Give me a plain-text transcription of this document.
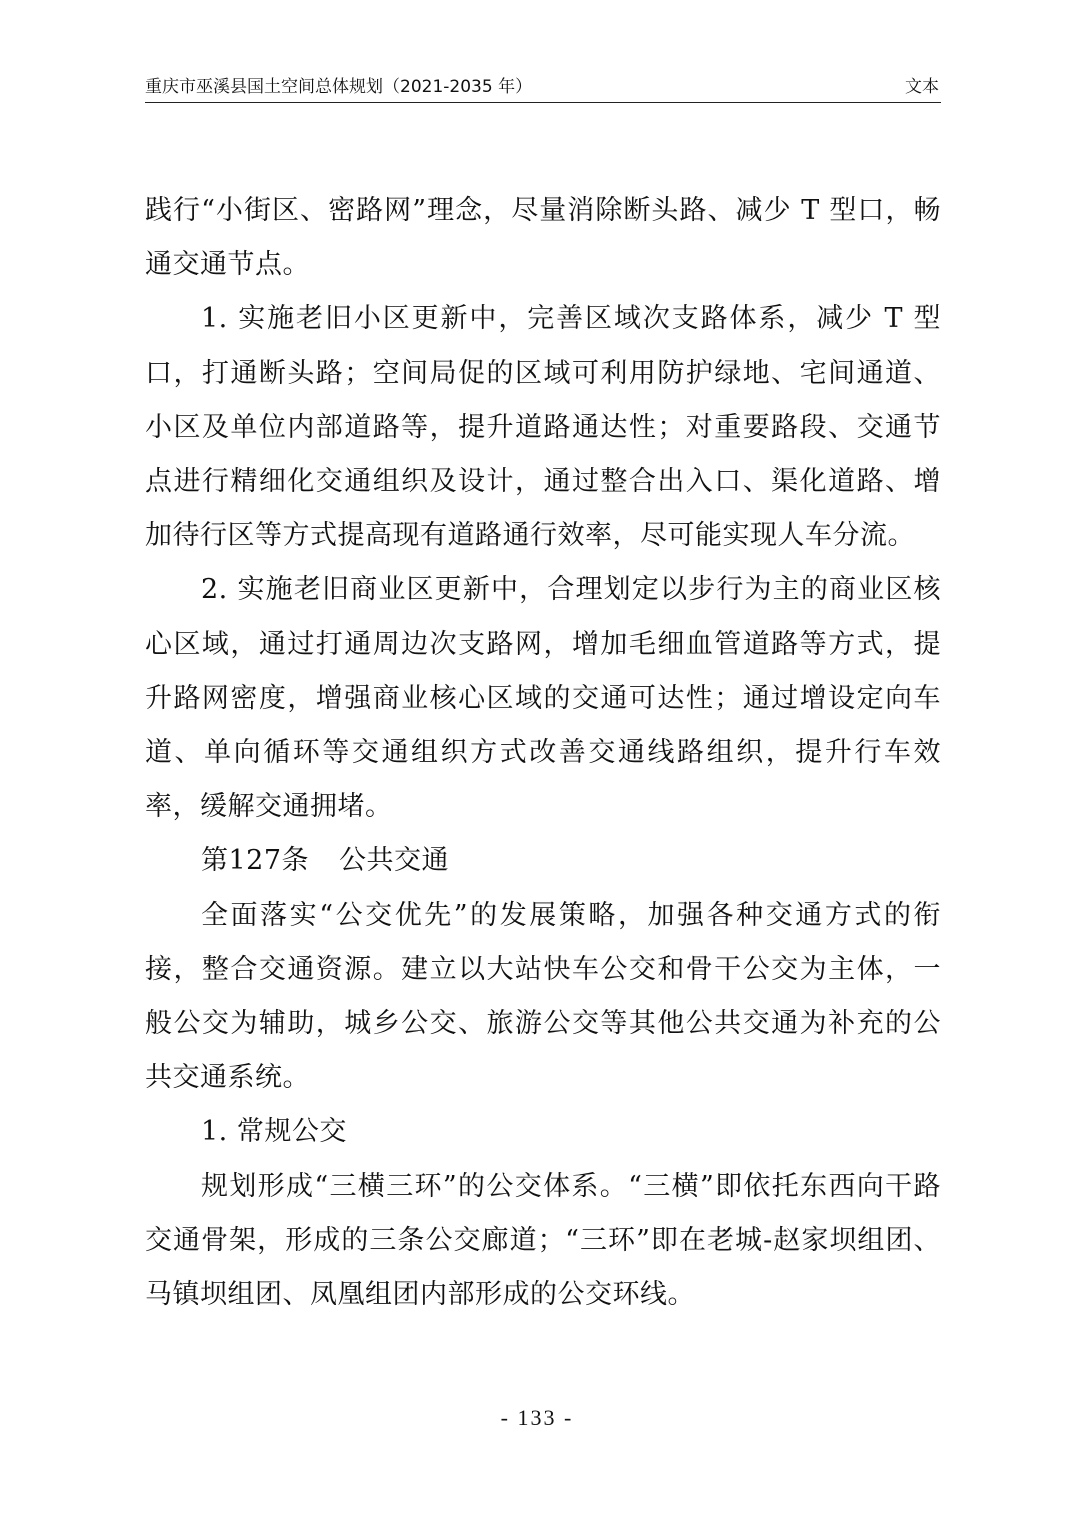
重庆市巫溪县国土空间总体规划（2021-2035 年）	文本

践行“小街区、密路网”理念，尽量消除断头路、减少 T 型口，畅通交通节点。

1. 实施老旧小区更新中，完善区域次支路体系，减少 T 型口，打通断头路；空间局促的区域可利用防护绿地、宅间通道、小区及单位内部道路等，提升道路通达性；对重要路段、交通节点进行精细化交通组织及设计，通过整合出入口、渠化道路、增加待行区等方式提高现有道路通行效率，尽可能实现人车分流。

2. 实施老旧商业区更新中，合理划定以步行为主的商业区核心区域，通过打通周边次支路网，增加毛细血管道路等方式，提升路网密度，增强商业核心区域的交通可达性；通过增设定向车道、单向循环等交通组织方式改善交通线路组织，提升行车效率，缓解交通拥堵。

第127条 公共交通

全面落实“公交优先”的发展策略，加强各种交通方式的衔接，整合交通资源。建立以大站快车公交和骨干公交为主体，一般公交为辅助，城乡公交、旅游公交等其他公共交通为补充的公共交通系统。

1. 常规公交

规划形成“三横三环”的公交体系。“三横”即依托东西向干路交通骨架，形成的三条公交廊道；“三环”即在老城-赵家坝组团、马镇坝组团、凤凰组团内部形成的公交环线。

- 133 -
